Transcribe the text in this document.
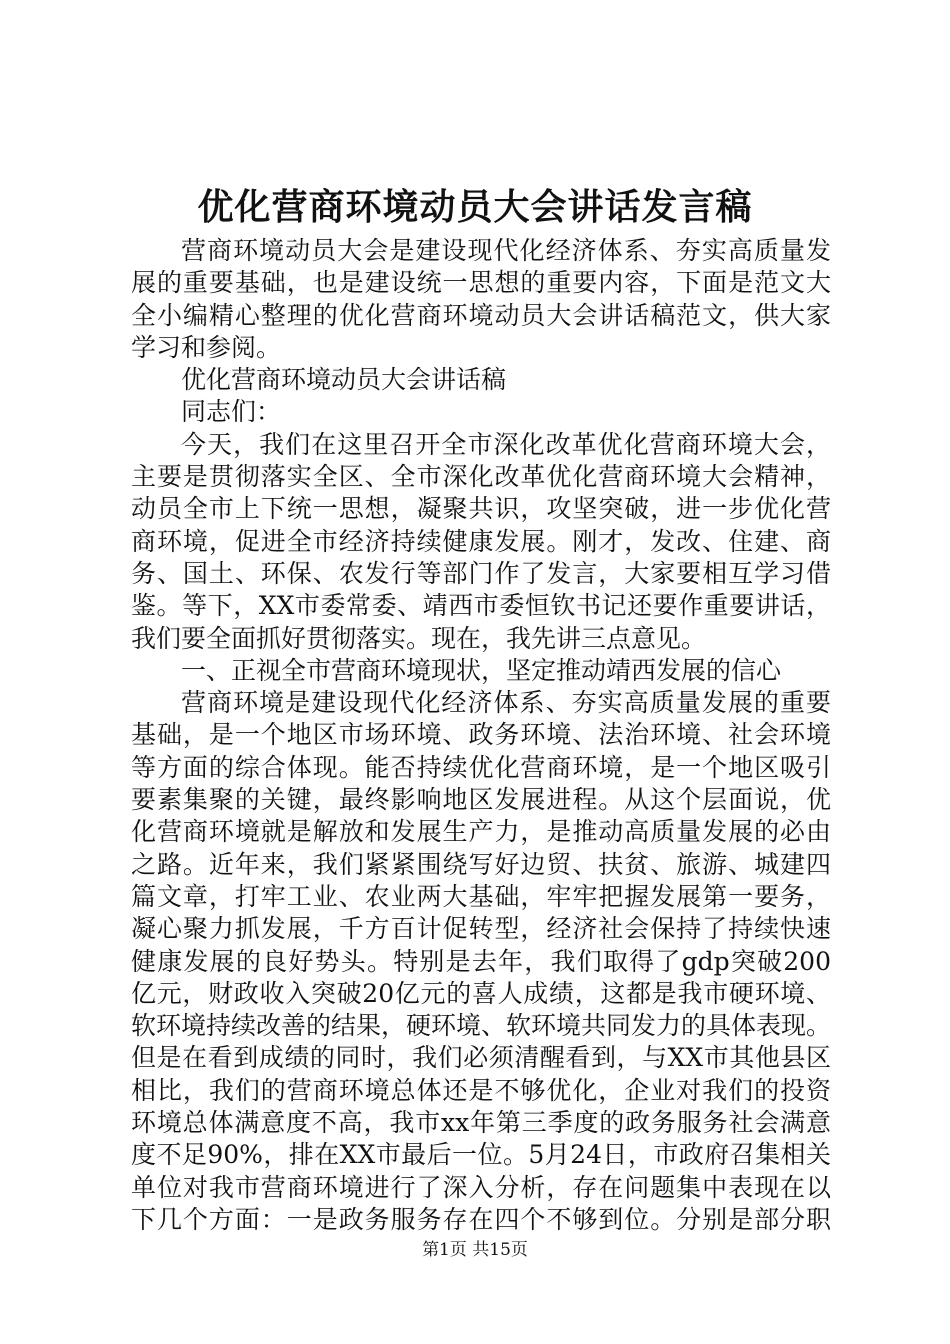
优化营商环境动员大会讲话发言稿
营商环境动员大会是建设现代化经济体系、夯实高质量发
展的重要基础，也是建设统一思想的重要内容，下面是范文大
全小编精心整理的优化营商环境动员大会讲话稿范文，供大家
学习和参阅。
优化营商环境动员大会讲话稿
同志们：
今天，我们在这里召开全市深化改革优化营商环境大会，
主要是贯彻落实全区、全市深化改革优化营商环境大会精神，
动员全市上下统一思想，凝聚共识，攻坚突破，进一步优化营
商环境，促进全市经济持续健康发展。刚才，发改、住建、商
务、国土、环保、农发行等部门作了发言，大家要相互学习借
鉴。等下，XX市委常委、靖西市委恒钦书记还要作重要讲话，
我们要全面抓好贯彻落实。现在，我先讲三点意见。
一、正视全市营商环境现状，坚定推动靖西发展的信心
营商环境是建设现代化经济体系、夯实高质量发展的重要
基础，是一个地区市场环境、政务环境、法治环境、社会环境
等方面的综合体现。能否持续优化营商环境，是一个地区吸引
要素集聚的关键，最终影响地区发展进程。从这个层面说，优
化营商环境就是解放和发展生产力，是推动高质量发展的必由
之路。近年来，我们紧紧围绕写好边贸、扶贫、旅游、城建四
篇文章，打牢工业、农业两大基础，牢牢把握发展第一要务，
凝心聚力抓发展，千方百计促转型，经济社会保持了持续快速
健康发展的良好势头。特别是去年，我们取得了gdp突破200
亿元，财政收入突破20亿元的喜人成绩，这都是我市硬环境、
软环境持续改善的结果，硬环境、软环境共同发力的具体表现。
但是在看到成绩的同时，我们必须清醒看到，与XX市其他县区
相比，我们的营商环境总体还是不够优化，企业对我们的投资
环境总体满意度不高，我市xx年第三季度的政务服务社会满意
度不足90%，排在XX市最后一位。5月24日，市政府召集相关
单位对我市营商环境进行了深入分析，存在问题集中表现在以
下几个方面：一是政务服务存在四个不够到位。分别是部分职
第1页 共15页
